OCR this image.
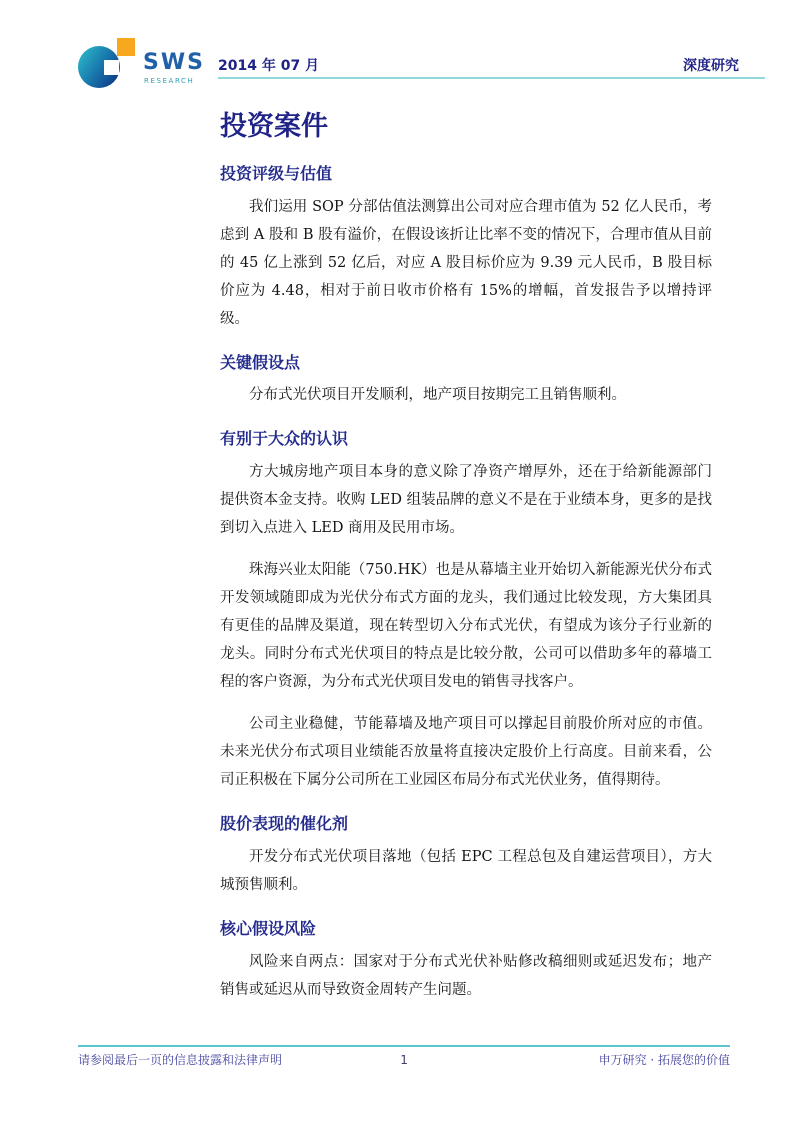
SWS
RESEARCH
2014 年 07 月	深度研究
投资案件
投资评级与估值

我们运用 SOP 分部估值法测算出公司对应合理市值为 52 亿人民币，考虑到 A 股和 B 股有溢价，在假设该折让比率不变的情况下，合理市值从目前的 45 亿上涨到 52 亿后，对应 A 股目标价应为 9.39 元人民币，B 股目标价应为 4.48，相对于前日收市价格有 15%的增幅，首发报告予以增持评级。

关键假设点

分布式光伏项目开发顺利，地产项目按期完工且销售顺利。

有别于大众的认识

方大城房地产项目本身的意义除了净资产增厚外，还在于给新能源部门提供资本金支持。收购 LED 组装品牌的意义不是在于业绩本身，更多的是找到切入点进入 LED 商用及民用市场。

珠海兴业太阳能（750.HK）也是从幕墙主业开始切入新能源光伏分布式开发领域随即成为光伏分布式方面的龙头，我们通过比较发现，方大集团具有更佳的品牌及渠道，现在转型切入分布式光伏，有望成为该分子行业新的龙头。同时分布式光伏项目的特点是比较分散，公司可以借助多年的幕墙工程的客户资源，为分布式光伏项目发电的销售寻找客户。

公司主业稳健，节能幕墙及地产项目可以撑起目前股价所对应的市值。未来光伏分布式项目业绩能否放量将直接决定股价上行高度。目前来看，公司正积极在下属分公司所在工业园区布局分布式光伏业务，值得期待。

股价表现的催化剂

开发分布式光伏项目落地（包括 EPC 工程总包及自建运营项目），方大城预售顺利。

核心假设风险

风险来自两点：国家对于分布式光伏补贴修改稿细则或延迟发布；地产销售或延迟从而导致资金周转产生问题。

请参阅最后一页的信息披露和法律声明	1	申万研究 · 拓展您的价值
